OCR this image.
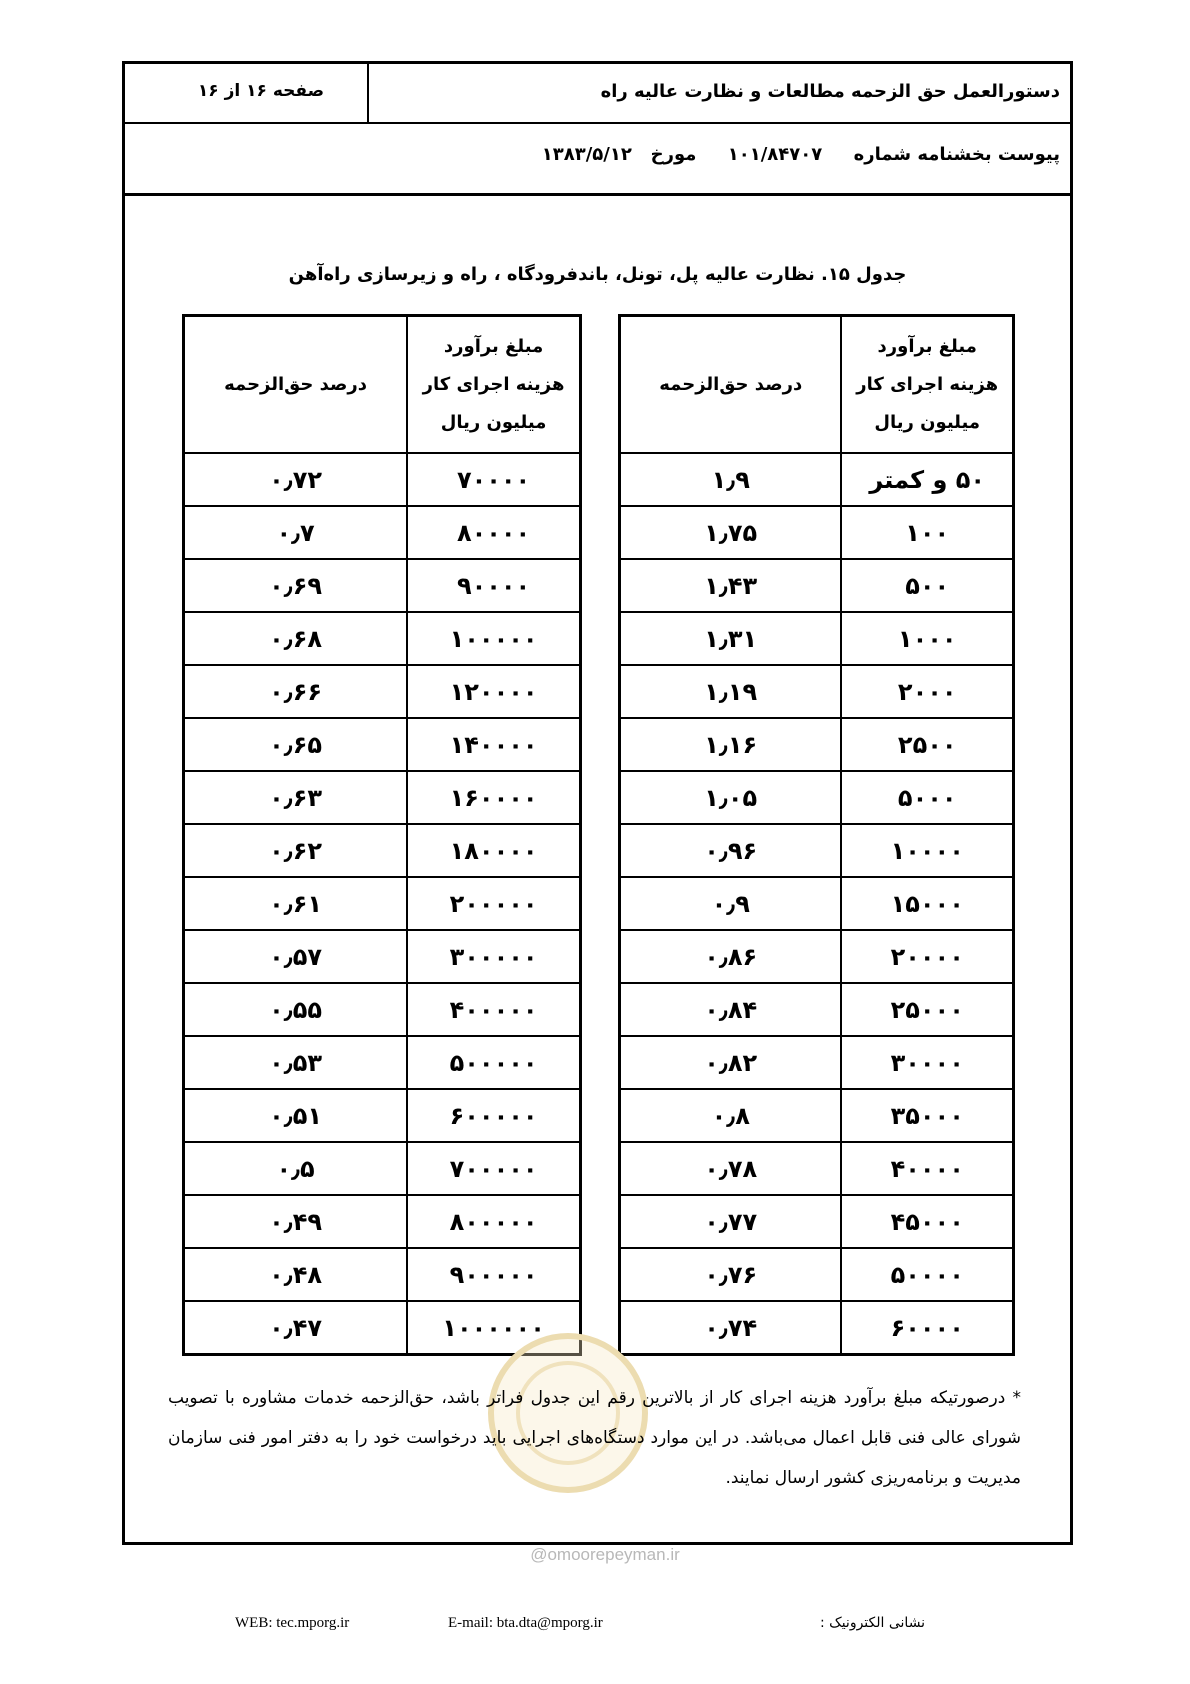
دستورالعمل حق الزحمه مطالعات و نظارت عالیه راه
صفحه ۱۶ از ۱۶
پیوست بخشنامه شماره     ۱۰۱/۸۴۷۰۷     مورخ   ۱۳۸۳/۵/۱۲
جدول ۱۵. نظارت عالیه پل، تونل، باندفرودگاه ، راه و زیرسازی راه‌آهن
مبلغ برآورد
هزینه اجرای کار
میلیون ریال	درصد حق‌الزحمه
۵۰ و کمتر	۱٫۹
۱۰۰	۱٫۷۵
۵۰۰	۱٫۴۳
۱۰۰۰	۱٫۳۱
۲۰۰۰	۱٫۱۹
۲۵۰۰	۱٫۱۶
۵۰۰۰	۱٫۰۵
۱۰۰۰۰	۰٫۹۶
۱۵۰۰۰	۰٫۹
۲۰۰۰۰	۰٫۸۶
۲۵۰۰۰	۰٫۸۴
۳۰۰۰۰	۰٫۸۲
۳۵۰۰۰	۰٫۸
۴۰۰۰۰	۰٫۷۸
۴۵۰۰۰	۰٫۷۷
۵۰۰۰۰	۰٫۷۶
۶۰۰۰۰	۰٫۷۴
مبلغ برآورد
هزینه اجرای کار
میلیون ریال	درصد حق‌الزحمه
۷۰۰۰۰	۰٫۷۲
۸۰۰۰۰	۰٫۷
۹۰۰۰۰	۰٫۶۹
۱۰۰۰۰۰	۰٫۶۸
۱۲۰۰۰۰	۰٫۶۶
۱۴۰۰۰۰	۰٫۶۵
۱۶۰۰۰۰	۰٫۶۳
۱۸۰۰۰۰	۰٫۶۲
۲۰۰۰۰۰	۰٫۶۱
۳۰۰۰۰۰	۰٫۵۷
۴۰۰۰۰۰	۰٫۵۵
۵۰۰۰۰۰	۰٫۵۳
۶۰۰۰۰۰	۰٫۵۱
۷۰۰۰۰۰	۰٫۵
۸۰۰۰۰۰	۰٫۴۹
۹۰۰۰۰۰	۰٫۴۸
۱۰۰۰۰۰۰	۰٫۴۷
* درصورتیکه مبلغ برآورد هزینه اجرای کار از بالاترین رقم این جدول فراتر باشد، حق‌الزحمه خدمات مشاوره با تصویب شورای عالی فنی قابل اعمال می‌باشد. در این موارد دستگاه‌های اجرایی باید درخواست خود را به دفتر امور فنی سازمان مدیریت و برنامه‌ریزی کشور ارسال نمایند.
@omoorepeyman.ir
WEB: tec.mporg.ir	E-mail: bta.dta@mporg.ir	نشانی الکترونیک :
